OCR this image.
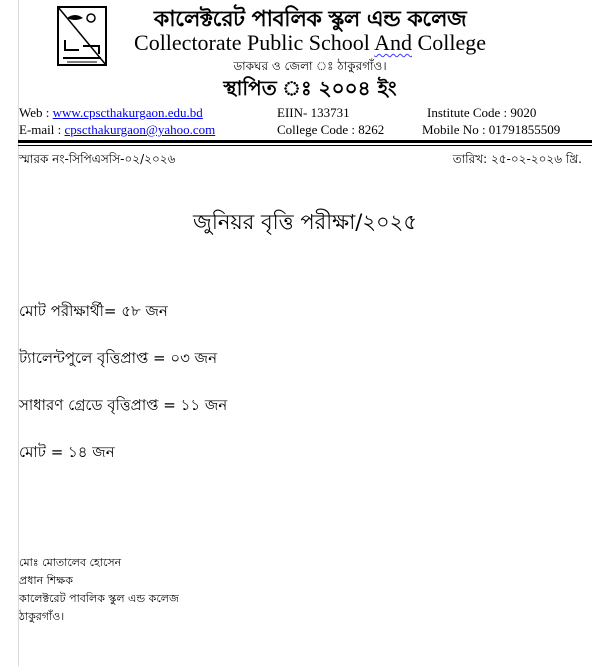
কালেক্টরেট পাবলিক স্কুল এন্ড কলেজ
Collectorate Public School And College
ডাকঘর ও জেলা ঃ ঠাকুরগাঁও।
স্থাপিত ঃ ২০০৪ ইং
Web : www.cpscthakurgaon.edu.bd
E-mail : cpscthakurgaon@yahoo.com
EIIN- 133731
College Code : 8262
Institute Code : 9020
Mobile No : 01791855509
স্মারক নং-সিপিএসসি-০২/২০২৬	তারিখ: ২৫-০২-২০২৬ খ্রি.
জুনিয়র বৃত্তি পরীক্ষা/২০২৫
মোট পরীক্ষার্থী= ৫৮ জন
ট্যালেন্টপুলে বৃত্তিপ্রাপ্ত = ০৩ জন
সাধারণ গ্রেডে বৃত্তিপ্রাপ্ত = ১১ জন
মোট = ১৪ জন
মোঃ মোতালেব হোসেন
প্রধান শিক্ষক
কালেক্টরেট পাবলিক স্কুল এন্ড কলেজ
ঠাকুরগাঁও।
